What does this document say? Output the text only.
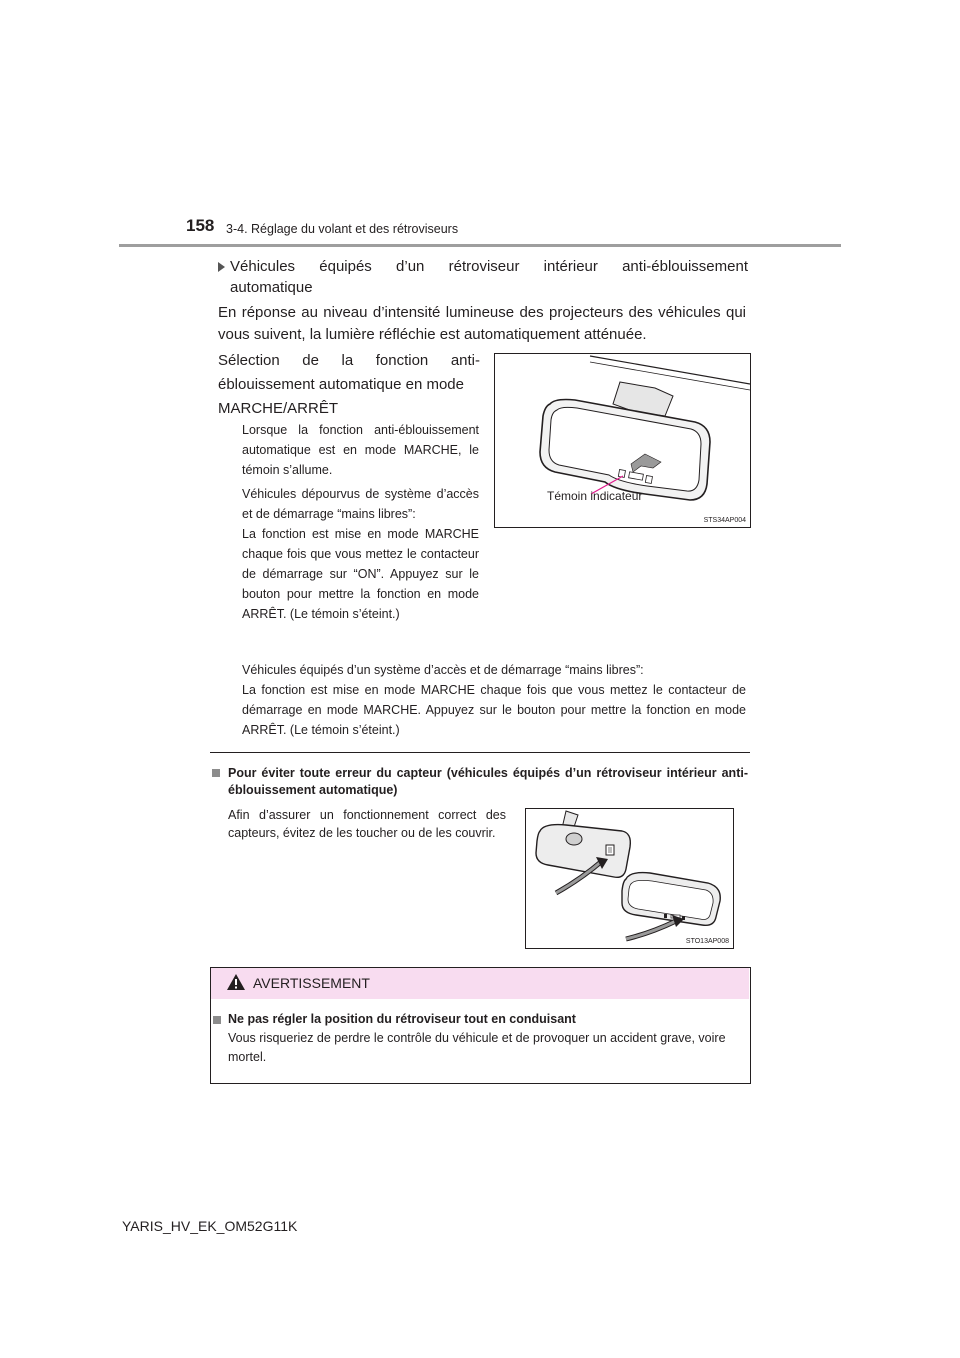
158 3-4. Réglage du volant et des rétroviseurs
Véhicules équipés d’un rétroviseur intérieur anti-éblouissement
automatique
En réponse au niveau d’intensité lumineuse des projecteurs des véhicules qui vous suivent, la lumière réfléchie est automatiquement atténuée.
Sélection de la fonction anti-
éblouissement automatique en mode
MARCHE/ARRÊT
Lorsque la fonction anti-éblouissement automatique est en mode MARCHE, le témoin s’allume.
Véhicules dépourvus de système d’accès et de démarrage “mains libres”:
La fonction est mise en mode MARCHE chaque fois que vous mettez le contacteur de démarrage sur “ON”. Appuyez sur le bouton pour mettre la fonction en mode ARRÊT. (Le témoin s’éteint.)
Véhicules équipés d’un système d’accès et de démarrage “mains libres”:
La fonction est mise en mode MARCHE chaque fois que vous mettez le contacteur de démarrage en mode MARCHE. Appuyez sur le bouton pour mettre la fonction en mode ARRÊT. (Le témoin s’éteint.)
Témoin indicateur
STS34AP004
Pour éviter toute erreur du capteur (véhicules équipés d’un rétroviseur intérieur anti-éblouissement automatique)
Afin d’assurer un fonctionnement correct des capteurs, évitez de les toucher ou de les couvrir.
STO13AP008
AVERTISSEMENT
Ne pas régler la position du rétroviseur tout en conduisant
Vous risqueriez de perdre le contrôle du véhicule et de provoquer un accident grave, voire mortel.
YARIS_HV_EK_OM52G11K
